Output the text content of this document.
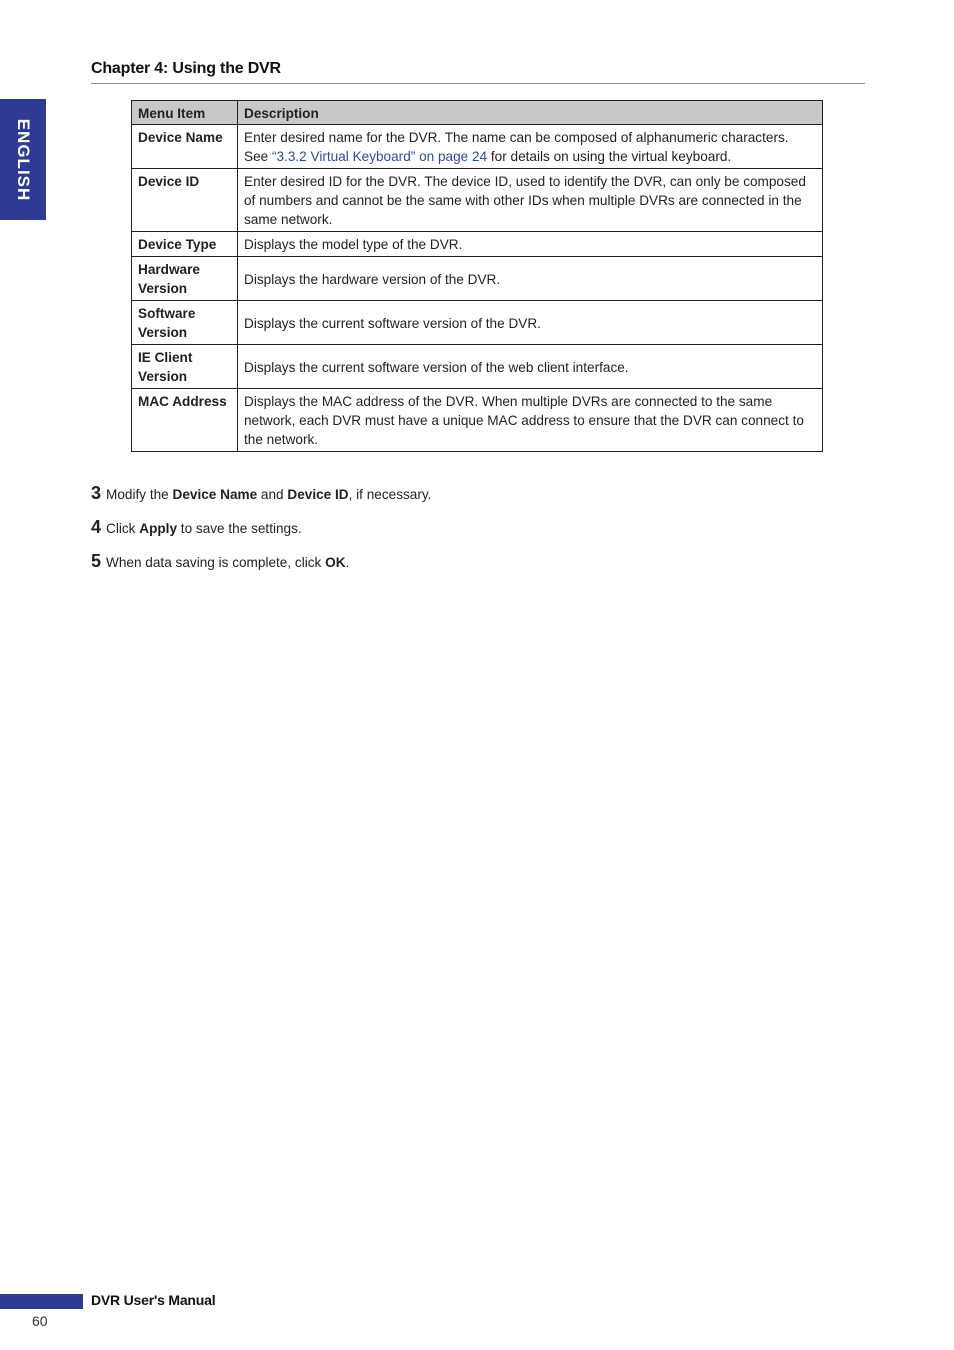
Chapter 4: Using the DVR
ENGLISH
Menu Item	Description
Device Name	Enter desired name for the DVR. The name can be composed of alphanumeric characters. See “3.3.2 Virtual Keyboard” on page 24 for details on using the virtual keyboard.
Device ID	Enter desired ID for the DVR. The device ID, used to identify the DVR, can only be composed of numbers and cannot be the same with other IDs when multiple DVRs are connected in the same network.
Device Type	Displays the model type of the DVR.
Hardware Version	Displays the hardware version of the DVR.
Software Version	Displays the current software version of the DVR.
IE Client Version	Displays the current software version of the web client interface.
MAC Address	Displays the MAC address of the DVR. When multiple DVRs are connected to the same network, each DVR must have a unique MAC address to ensure that the DVR can connect to the network.
3 Modify the Device Name and Device ID, if necessary.
4 Click Apply to save the settings.
5 When data saving is complete, click OK.
DVR User's Manual
60
